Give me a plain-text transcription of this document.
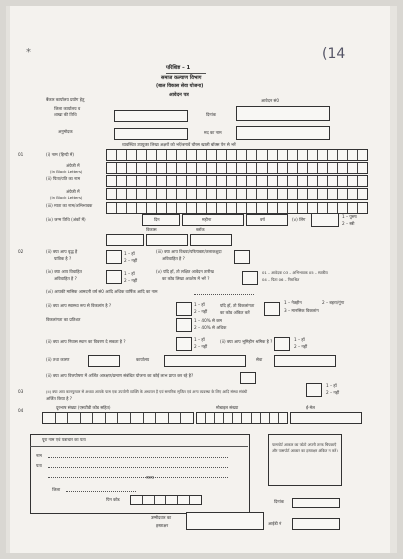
(14
⁎
परिशिष्ट – 1
समाज कल्याण विभाग
(बाल विकास सेवा योजना)
आवेदन पत्र
बैंकार कार्यालय प्रयोग हेतु	आवेदन सं0
जिला कार्यालय व
शाखा की तिथि	दिनांक
अनुमोदक	मद का नाम
व्यवस्थित उपयुक्त लिखा अक्षरों को भरें/बनावें चौरस खाली बॉक्स पेन से भरें
01	(i) नाम (हिन्दी में)
अंग्रेजी में
(In Block Letters)
(ii) पिता/पति का नाम
अंग्रेजी में
(In Block Letters)
(iii) माता का नाम/अभिभावक
(iv) जन्म तिथि (अंकों में)	दिन	महीना	वर्ष	(v) लिंग
1 – पुरुष
2 – स्त्री
विकास	ब्लॉक
02	(ii) क्या आप वृद्ध है
पात्रिक है ?
1 – हॉ
2 – नहीं
(iii) क्या आप विधवा/परित्यक्ता/तलाकशुदा
अविवाहित है ?
(iv) क्या आप विवाहित
अविवाहित है ?
1 – हॉ
2 – नहीं
(v) यदि हॉ, तो लक्षित आवेदन तारीख
का कोड लिखा अवशेष में भरें ?
01 – आवेदक 03 – अभिभावक 05 – स्वकीय
04 – पिता 06 – निराश्रित
(vi) आपकी मासिक आमदनी वर्ष सं0 आदि अधिक वार्षिक आदि का नाम
(ii) क्या आप स्वास्थ्य रूप से विकलांग है ?	1 – हॉ
2 – नहीं
यदि हॉ, तो विकलांगता
का कोड अंकित करें
1 – नेत्रहीन	2 – बहरा/गूंगा
3 – मानसिक विकलांग
विकलांगता का प्रतिशत	1 – 40% से कम
2 – 40% से अधिक
(ii) क्या आप निवास स्थान का विवरण दे सकता है ?	1 – हॉ
2 – नहीं
(ii) क्या आप भूमिहीन श्रमिक है ?	1 – हॉ
2 – नहीं
(ii) तथा कारण	कार्यालय	सेवा
(ii) क्या आप वित्तपोषण में अर्जित आरक्षण/प्रमाण संबंधित योजना का कोई लाभ प्राप्त कर रहे है?
03	(ii) क्या आप कानपुरवार से अथवा आपके पास एक उपयोगी व्यक्ति के अध्ययन है एवं समारिक सृजित एवं अन्य व्यवस्था के लिए आदि संस्था संबंधी
अर्जित किया है ?
1 – हॉ
2 – नहीं
04
दूरभाष संख्या (एसटीडी कोड सहित)	मोबाइल संख्या	ई-मेल
पूरा नाम एवं पत्राचार का पता
नाम
पता
राज्य
जिला
पिन कोड
पासपोर्ट आकार का फोटो अपनी तरफ चिपकाएँ और पासपोर्ट आकार का हस्ताक्षर अंकित न करें।
दिनांक
उम्मीदवार का
हस्ताक्षर	आईडी नं
